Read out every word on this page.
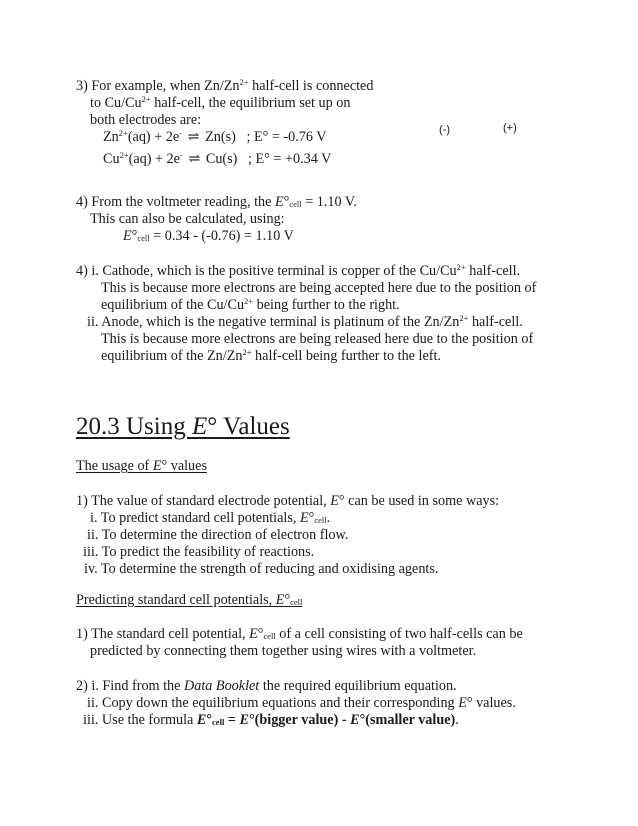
3) For example, when $Zn/Zn^{2+}$ half-cell is connected
to $Cu/Cu^{2+}$ half-cell, the equilibrium set up on
both electrodes are:
$Zn^{2+}(aq) + 2e^-$ ⇌ Zn(s) ; E° = -0.76 V	(-)	(+)
$Cu^{2+}(aq) + 2e^-$ ⇌ Cu(s) ; E° = +0.34 V
4) From the voltmeter reading, the $E^\circ_{cell} = 1.10$ V.
This can also be calculated, using:
$E^\circ_{cell} = 0.34 - (-0.76) = 1.10$ V
4) i. Cathode, which is the positive terminal is copper of the $Cu/Cu^{2+}$ half-cell.
This is because more electrons are being accepted here due to the position of
equilibrium of the $Cu/Cu^{2+}$ being further to the right.
ii. Anode, which is the negative terminal is platinum of the $Zn/Zn^{2+}$ half-cell.
This is because more electrons are being released here due to the position of
equilibrium of the $Zn/Zn^{2+}$ half-cell being further to the left.
20.3 Using E° Values
The usage of E° values
1) The value of standard electrode potential, E° can be used in some ways:
i. To predict standard cell potentials, $E^\circ_{cell}$.
ii. To determine the direction of electron flow.
iii. To predict the feasibility of reactions.
iv. To determine the strength of reducing and oxidising agents.
Predicting standard cell potentials, $E^\circ_{cell}$
1) The standard cell potential, $E^\circ_{cell}$ of a cell consisting of two half-cells can be
predicted by connecting them together using wires with a voltmeter.
2) i. Find from the Data Booklet the required equilibrium equation.
ii. Copy down the equilibrium equations and their corresponding E° values.
iii. Use the formula $E^\circ_{cell}$ = E°(bigger value) - E°(smaller value).
